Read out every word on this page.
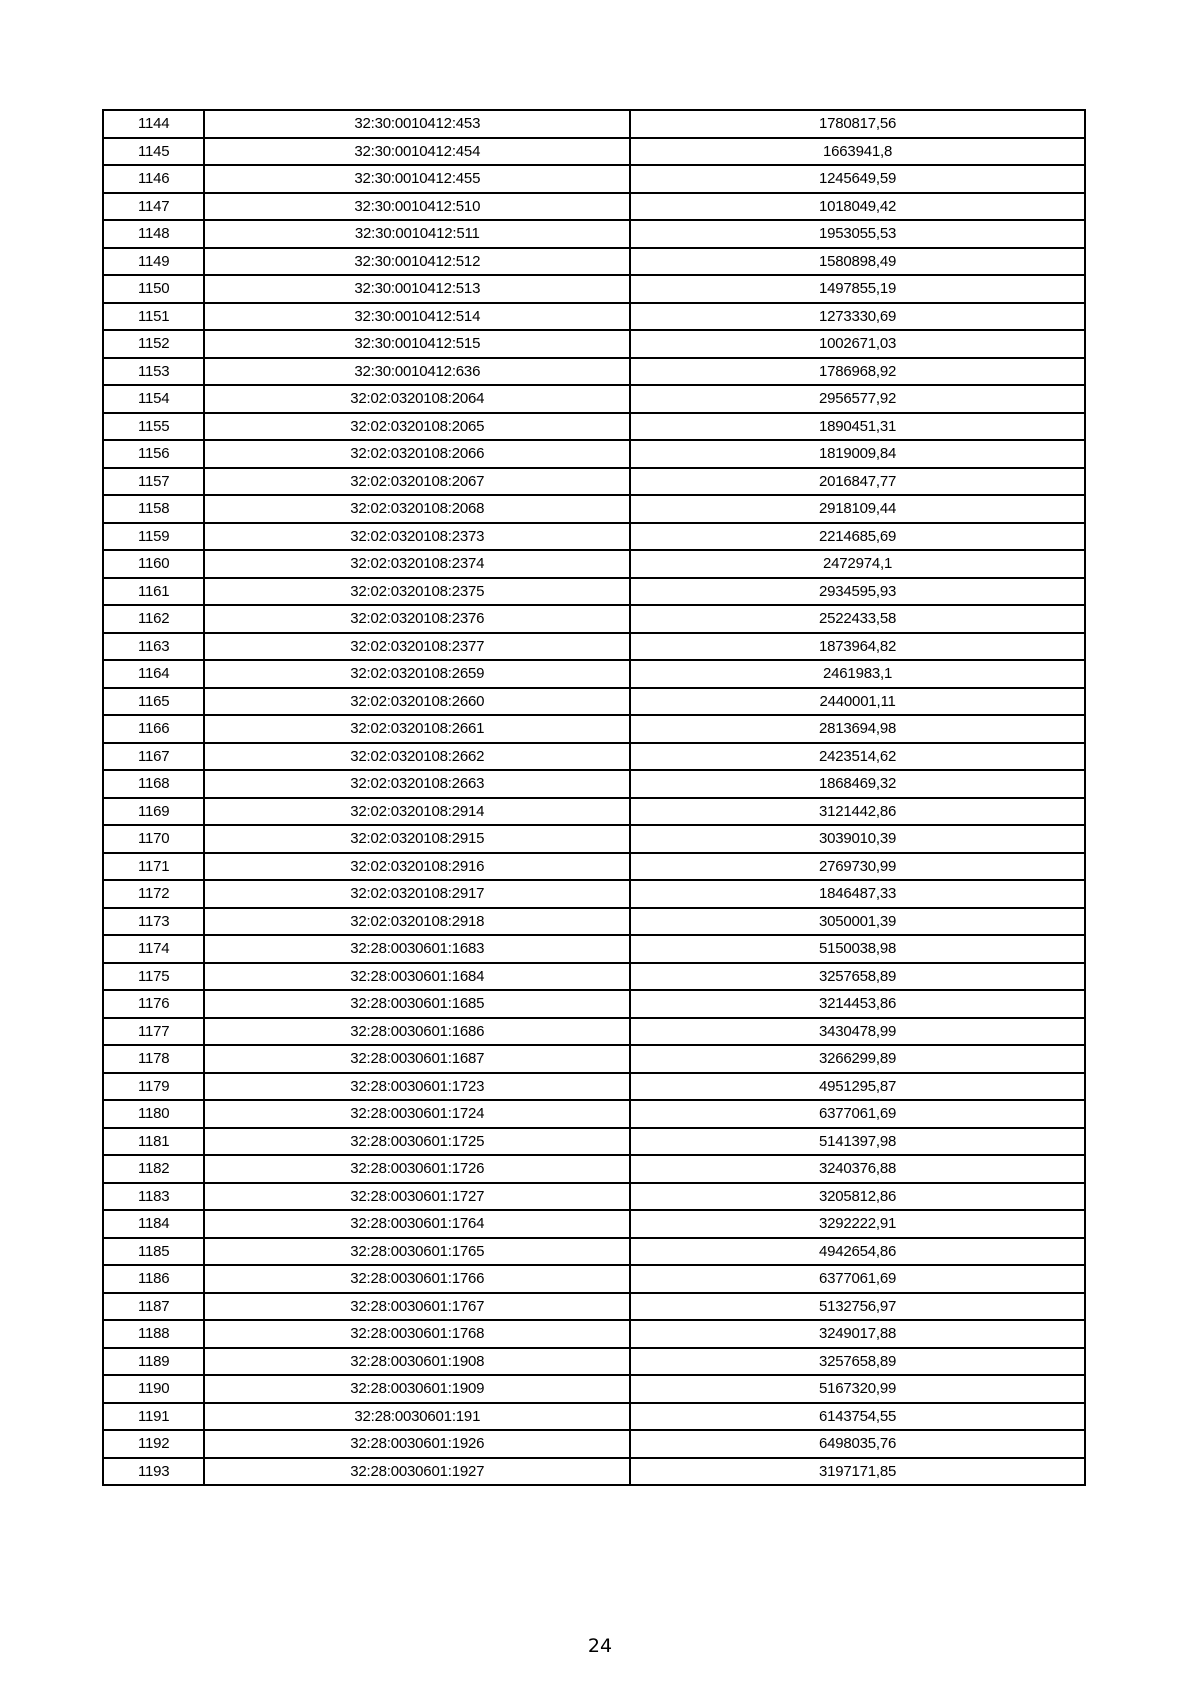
1144	32:30:0010412:453	1780817,56
1145	32:30:0010412:454	1663941,8
1146	32:30:0010412:455	1245649,59
1147	32:30:0010412:510	1018049,42
1148	32:30:0010412:511	1953055,53
1149	32:30:0010412:512	1580898,49
1150	32:30:0010412:513	1497855,19
1151	32:30:0010412:514	1273330,69
1152	32:30:0010412:515	1002671,03
1153	32:30:0010412:636	1786968,92
1154	32:02:0320108:2064	2956577,92
1155	32:02:0320108:2065	1890451,31
1156	32:02:0320108:2066	1819009,84
1157	32:02:0320108:2067	2016847,77
1158	32:02:0320108:2068	2918109,44
1159	32:02:0320108:2373	2214685,69
1160	32:02:0320108:2374	2472974,1
1161	32:02:0320108:2375	2934595,93
1162	32:02:0320108:2376	2522433,58
1163	32:02:0320108:2377	1873964,82
1164	32:02:0320108:2659	2461983,1
1165	32:02:0320108:2660	2440001,11
1166	32:02:0320108:2661	2813694,98
1167	32:02:0320108:2662	2423514,62
1168	32:02:0320108:2663	1868469,32
1169	32:02:0320108:2914	3121442,86
1170	32:02:0320108:2915	3039010,39
1171	32:02:0320108:2916	2769730,99
1172	32:02:0320108:2917	1846487,33
1173	32:02:0320108:2918	3050001,39
1174	32:28:0030601:1683	5150038,98
1175	32:28:0030601:1684	3257658,89
1176	32:28:0030601:1685	3214453,86
1177	32:28:0030601:1686	3430478,99
1178	32:28:0030601:1687	3266299,89
1179	32:28:0030601:1723	4951295,87
1180	32:28:0030601:1724	6377061,69
1181	32:28:0030601:1725	5141397,98
1182	32:28:0030601:1726	3240376,88
1183	32:28:0030601:1727	3205812,86
1184	32:28:0030601:1764	3292222,91
1185	32:28:0030601:1765	4942654,86
1186	32:28:0030601:1766	6377061,69
1187	32:28:0030601:1767	5132756,97
1188	32:28:0030601:1768	3249017,88
1189	32:28:0030601:1908	3257658,89
1190	32:28:0030601:1909	5167320,99
1191	32:28:0030601:191	6143754,55
1192	32:28:0030601:1926	6498035,76
1193	32:28:0030601:1927	3197171,85
24
